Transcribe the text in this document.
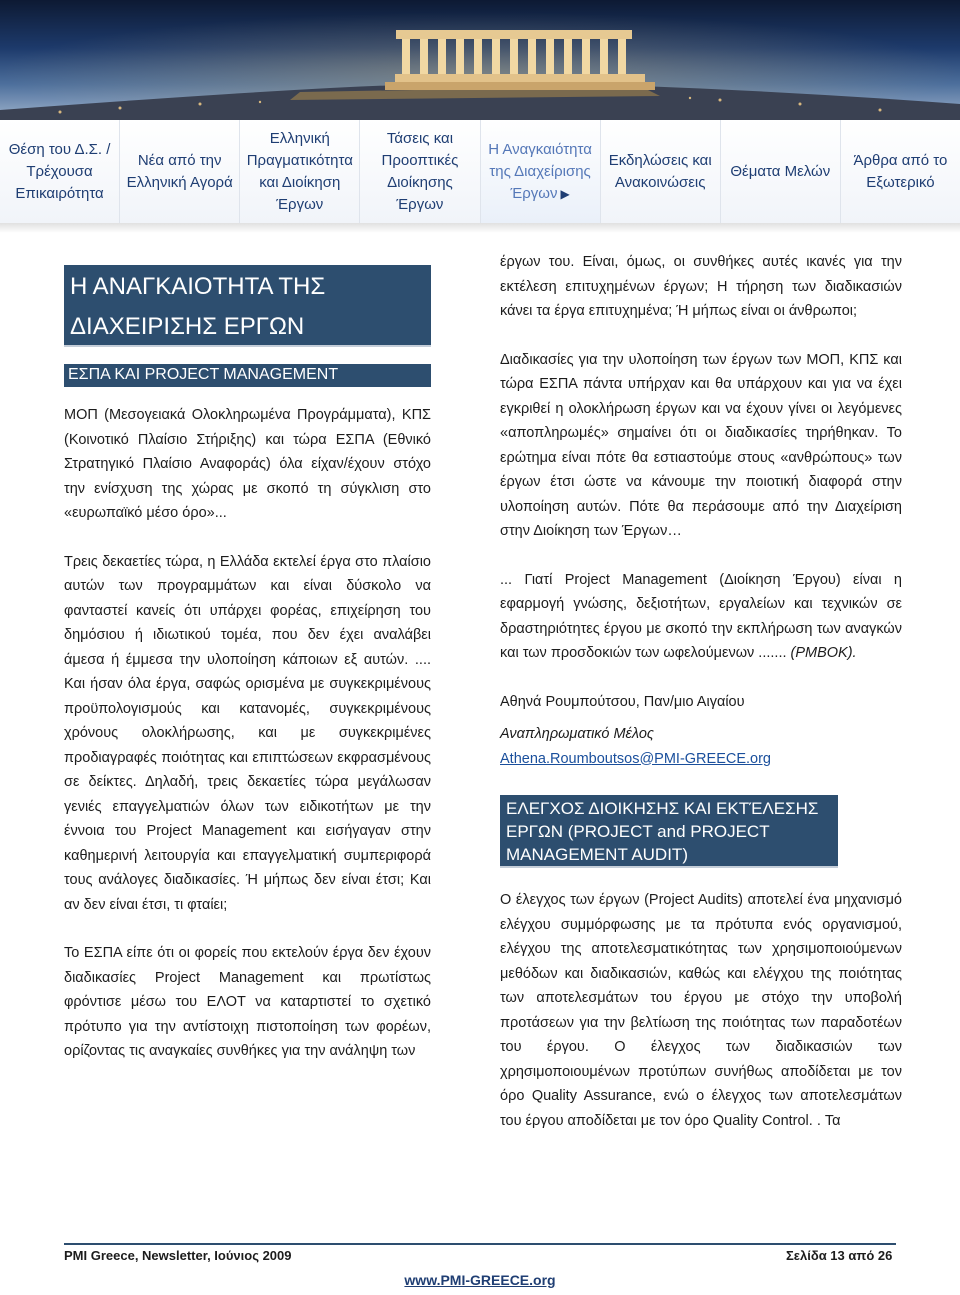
Θέση του Δ.Σ. / Τρέχουσα Επικαιρότητα
Νέα από την Ελληνική Αγορά
Ελληνική Πραγματικότητα και Διοίκηση Έργων
Τάσεις και Προοπτικές Διοίκησης Έργων
Η Αναγκαιότητα της Διαχείρισης Έργων ▶
Εκδηλώσεις και Ανακοινώσεις
Θέματα Μελών
Άρθρα από το Εξωτερικό
Η ΑΝΑΓΚΑΙΟΤΗΤΑ ΤΗΣ ΔΙΑΧΕΙΡΙΣΗΣ ΕΡΓΩΝ
ΕΣΠΑ ΚΑΙ PROJECT MANAGEMENT

ΜΟΠ (Μεσογειακά Ολοκληρωμένα Προγράμματα), ΚΠΣ (Κοινοτικό Πλαίσιο Στήριξης) και τώρα ΕΣΠΑ (Εθνικό Στρατηγικό Πλαίσιο Αναφοράς) όλα είχαν/έχουν στόχο την ενίσχυση της χώρας με σκοπό τη σύγκλιση στο «ευρωπαϊκό μέσο όρο»...

Τρεις δεκαετίες τώρα, η Ελλάδα εκτελεί έργα στο πλαίσιο αυτών των προγραμμάτων και είναι δύσκολο να φανταστεί κανείς ότι υπάρχει φορέας, επιχείρηση του δημόσιου ή ιδιωτικού τομέα, που δεν έχει αναλάβει άμεσα ή έμμεσα την υλοποίηση κάποιων εξ αυτών. .... Και ήσαν όλα έργα, σαφώς ορισμένα με συγκεκριμένους προϋπολογισμούς και κατανομές, συγκεκριμένους χρόνους ολοκλήρωσης, και με συγκεκριμένες προδιαγραφές ποιότητας και επιπτώσεων εκφρασμένους σε δείκτες. Δηλαδή, τρεις δεκαετίες τώρα μεγάλωσαν γενιές επαγγελματιών όλων των ειδικοτήτων με την έννοια του Project Management και εισήγαγαν στην καθημερινή λειτουργία και επαγγελματική συμπεριφορά τους ανάλογες διαδικασίες. Ή μήπως δεν είναι έτσι; Και αν δεν είναι έτσι, τι φταίει;

Το ΕΣΠΑ είπε ότι οι φορείς που εκτελούν έργα δεν έχουν διαδικασίες Project Management και πρωτίστως φρόντισε μέσω του ΕΛΟΤ να καταρτιστεί το σχετικό πρότυπο για την αντίστοιχη πιστοποίηση των φορέων, ορίζοντας τις αναγκαίες συνθήκες για την ανάληψη των

έργων του. Είναι, όμως, οι συνθήκες αυτές ικανές για την εκτέλεση επιτυχημένων έργων; Η τήρηση των διαδικασιών κάνει τα έργα επιτυχημένα; Ή μήπως είναι οι άνθρωποι;

Διαδικασίες για την υλοποίηση των έργων των ΜΟΠ, ΚΠΣ και τώρα ΕΣΠΑ πάντα υπήρχαν και θα υπάρχουν και για να έχει εγκριθεί η ολοκλήρωση έργων και να έχουν γίνει οι λεγόμενες «αποπληρωμές» σημαίνει ότι οι διαδικασίες τηρήθηκαν. Το ερώτημα είναι πότε θα εστιαστούμε στους «ανθρώπους» των έργων έτσι ώστε να κάνουμε την ποιοτική διαφορά στην υλοποίηση αυτών. Πότε θα περάσουμε από την Διαχείριση στην Διοίκηση των Έργων…

... Γιατί Project Management (Διοίκηση Έργου) είναι η εφαρμογή γνώσης, δεξιοτήτων, εργαλείων και τεχνικών σε δραστηριότητες έργου με σκοπό την εκπλήρωση των αναγκών και των προσδοκιών των ωφελούμενων ....... (PMBOK).

Αθηνά Ρουμπούτσου, Παν/μιο Αιγαίου

Αναπληρωματικό Μέλος
Athena.Roumboutsos@PMI-GREECE.org

ΕΛΕΓΧΟΣ ΔΙΟΙΚΗΣΗΣ ΚΑΙ ΕΚΤΈΛΕΣΗΣ ΕΡΓΩΝ (PROJECT and PROJECT MANAGEMENT AUDIT)

Ο έλεγχος των έργων (Project Audits) αποτελεί ένα μηχανισμό ελέγχου συμμόρφωσης με τα πρότυπα ενός οργανισμού, ελέγχου της αποτελεσματικότητας των χρησιμοποιούμενων μεθόδων και διαδικασιών, καθώς και ελέγχου της ποιότητας των αποτελεσμάτων του έργου με στόχο την υποβολή προτάσεων για την βελτίωση της ποιότητας των παραδοτέων του έργου. Ο έλεγχος των διαδικασιών των χρησιμοποιουμένων προτύπων συνήθως αποδίδεται με τον όρο Quality Assurance, ενώ ο έλεγχος των αποτελεσμάτων του έργου αποδίδεται με τον όρο Quality Control. . Τα

PMI Greece, Newsletter, Ιούνιος 2009	Σελίδα 13 από 26
www.PMI-GREECE.org
